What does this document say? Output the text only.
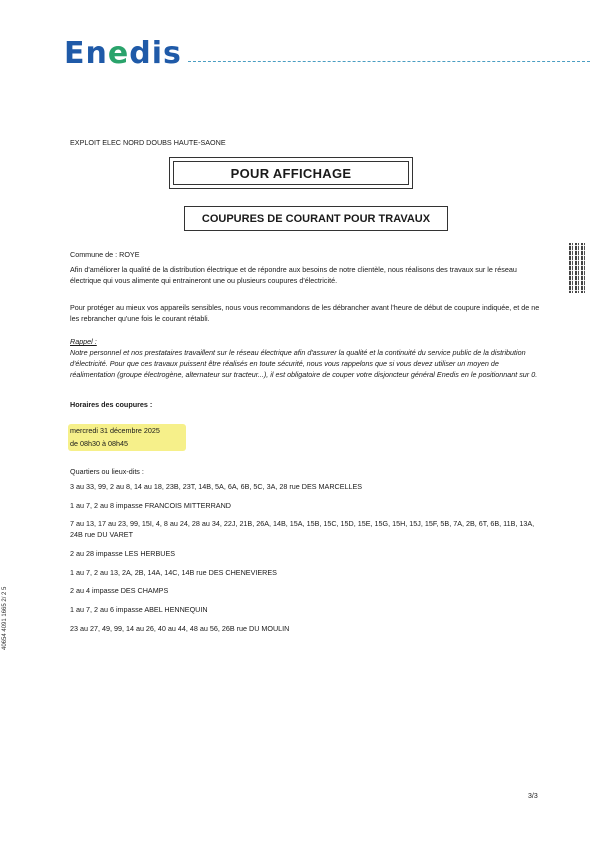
Enedis
EXPLOIT ELEC NORD DOUBS HAUTE-SAONE
POUR AFFICHAGE
COUPURES DE COURANT POUR TRAVAUX
Commune de : ROYE
Afin d'améliorer la qualité de la distribution électrique et de répondre aux besoins de notre clientèle, nous réalisons des travaux sur le réseau électrique qui vous alimente qui entraineront une ou plusieurs coupures d'électricité.
Pour protéger au mieux vos appareils sensibles, nous vous recommandons de les débrancher avant l'heure de début de coupure indiquée, et de ne les rebrancher qu'une fois le courant rétabli.
Rappel :
Notre personnel et nos prestataires travaillent sur le réseau électrique afin d'assurer la qualité et la continuité du service public de la distribution d'électricité. Pour que ces travaux puissent être réalisés en toute sécurité, nous vous rappelons que si vous devez utiliser un moyen de réalimentation (groupe électrogène, alternateur sur tracteur...), il est obligatoire de couper votre disjoncteur général Enedis en le positionnant sur 0.
Horaires des coupures :
mercredi 31 décembre 2025
de 08h30 à 08h45
Quartiers ou lieux-dits :
3 au 33, 99, 2 au 8, 14 au 18, 23B, 23T, 14B, 5A, 6A, 6B, 5C, 3A, 28 rue DES MARCELLES
1 au 7, 2 au 8 impasse FRANCOIS MITTERRAND
7 au 13, 17 au 23, 99, 15I, 4, 8 au 24, 28 au 34, 22J, 21B, 26A, 14B, 15A, 15B, 15C, 15D, 15E, 15G, 15H, 15J, 15F, 5B, 7A, 2B, 6T, 6B, 11B, 13A, 24B rue DU VARET
2 au 28 impasse LES HERBUES
1 au 7, 2 au 13, 2A, 2B, 14A, 14C, 14B rue DES CHENEVIERES
2 au 4 impasse DES CHAMPS
1 au 7, 2 au 6 impasse ABEL HENNEQUIN
23 au 27, 49, 99, 14 au 26, 40 au 44, 48 au 56, 26B rue DU MOULIN
40654 4091 1665 2/ 2 5
3/3
